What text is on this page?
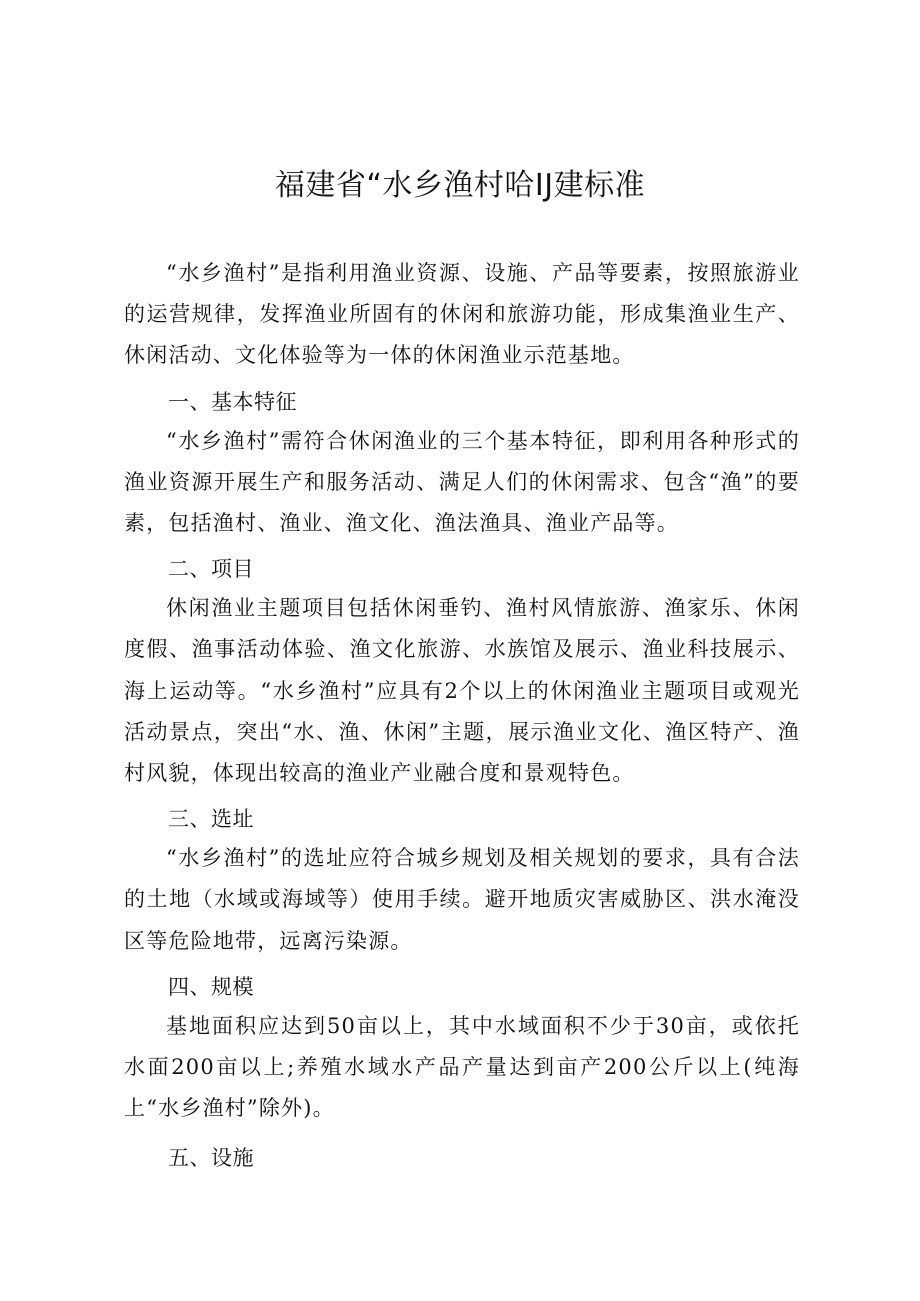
福建省“水乡渔村哈IJ建标准

“水乡渔村”是指利用渔业资源、设施、产品等要素，按照旅游业的运营规律，发挥渔业所固有的休闲和旅游功能，形成集渔业生产、休闲活动、文化体验等为一体的休闲渔业示范基地。

一、基本特征

“水乡渔村”需符合休闲渔业的三个基本特征，即利用各种形式的渔业资源开展生产和服务活动、满足人们的休闲需求、包含“渔”的要素，包括渔村、渔业、渔文化、渔法渔具、渔业产品等。

二、项目

休闲渔业主题项目包括休闲垂钓、渔村风情旅游、渔家乐、休闲度假、渔事活动体验、渔文化旅游、水族馆及展示、渔业科技展示、海上运动等。“水乡渔村”应具有2个以上的休闲渔业主题项目或观光活动景点，突出“水、渔、休闲”主题，展示渔业文化、渔区特产、渔村风貌，体现出较高的渔业产业融合度和景观特色。

三、选址

“水乡渔村”的选址应符合城乡规划及相关规划的要求，具有合法的土地（水域或海域等）使用手续。避开地质灾害威胁区、洪水淹没区等危险地带，远离污染源。

四、规模

基地面积应达到50亩以上，其中水域面积不少于30亩，或依托水面200亩以上;养殖水域水产品产量达到亩产200公斤以上(纯海上“水乡渔村”除外)。

五、设施
